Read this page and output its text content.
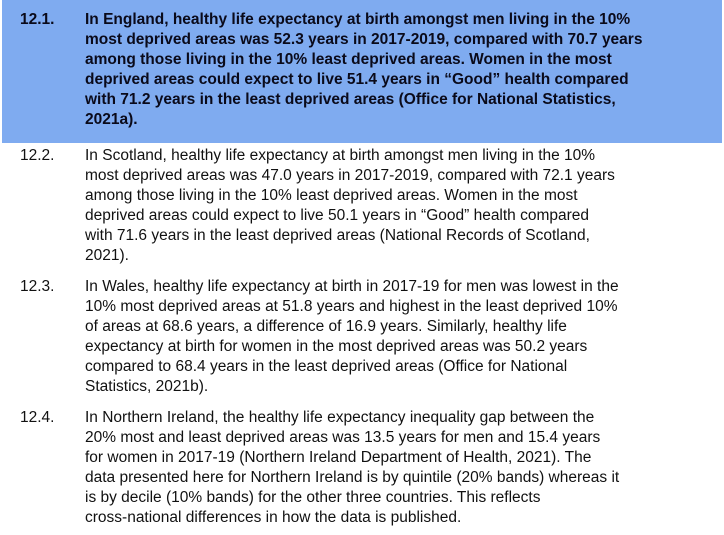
12.1. In England, healthy life expectancy at birth amongst men living in the 10%
most deprived areas was 52.3 years in 2017-2019, compared with 70.7 years
among those living in the 10% least deprived areas. Women in the most
deprived areas could expect to live 51.4 years in “Good” health compared
with 71.2 years in the least deprived areas (Office for National Statistics,
2021a).
12.2. In Scotland, healthy life expectancy at birth amongst men living in the 10%
most deprived areas was 47.0 years in 2017-2019, compared with 72.1 years
among those living in the 10% least deprived areas. Women in the most
deprived areas could expect to live 50.1 years in “Good” health compared
with 71.6 years in the least deprived areas (National Records of Scotland,
2021).
12.3. In Wales, healthy life expectancy at birth in 2017-19 for men was lowest in the
10% most deprived areas at 51.8 years and highest in the least deprived 10%
of areas at 68.6 years, a difference of 16.9 years. Similarly, healthy life
expectancy at birth for women in the most deprived areas was 50.2 years
compared to 68.4 years in the least deprived areas (Office for National
Statistics, 2021b).
12.4. In Northern Ireland, the healthy life expectancy inequality gap between the
20% most and least deprived areas was 13.5 years for men and 15.4 years
for women in 2017-19 (Northern Ireland Department of Health, 2021). The
data presented here for Northern Ireland is by quintile (20% bands) whereas it
is by decile (10% bands) for the other three countries. This reflects
cross-national differences in how the data is published.
